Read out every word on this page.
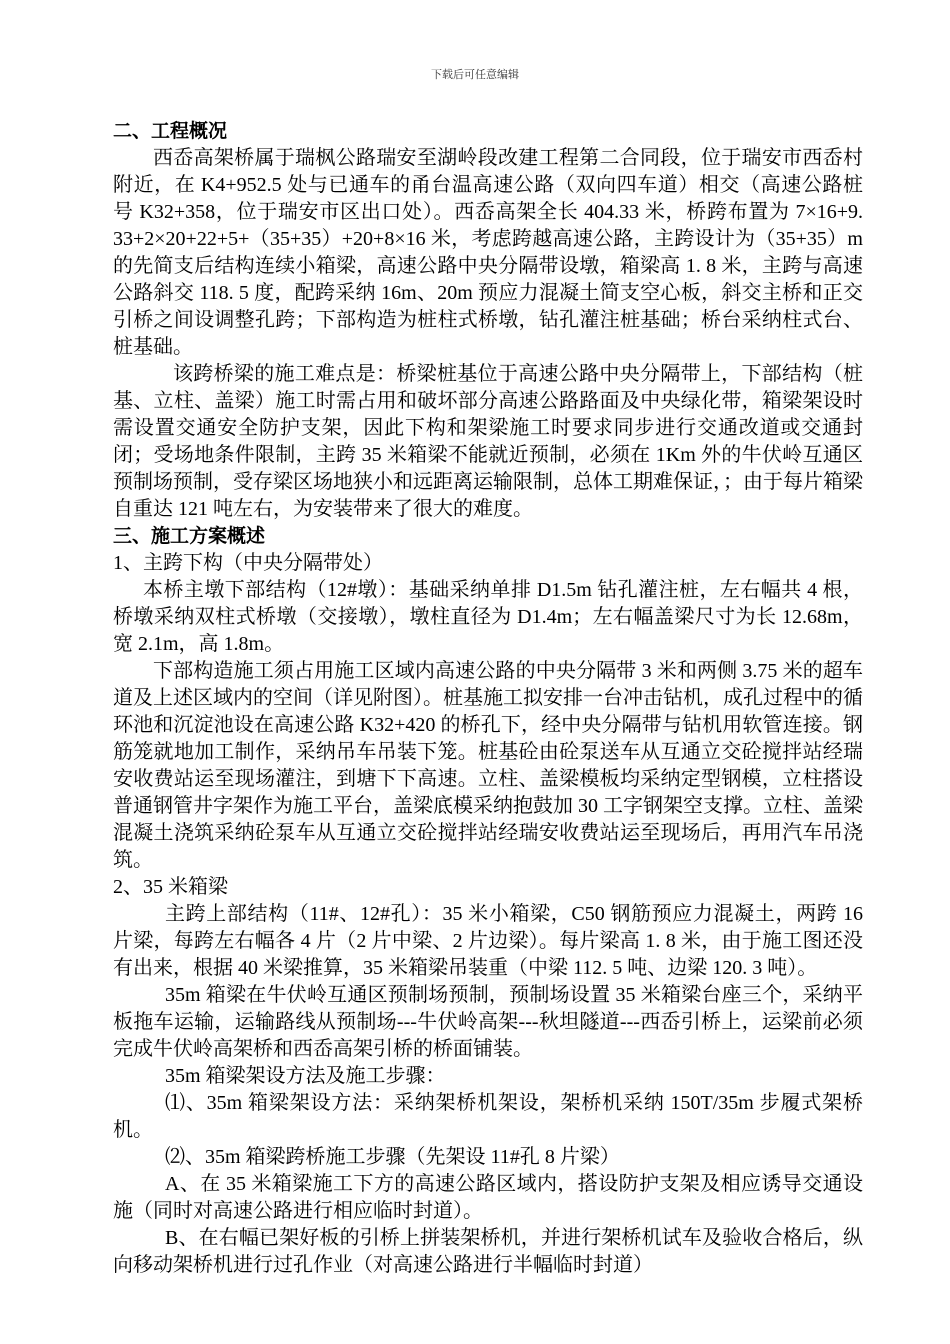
下载后可任意编辑

二、工程概况

西岙高架桥属于瑞枫公路瑞安至湖岭段改建工程第二合同段，位于瑞安市西岙村附近，在 K4+952.5 处与已通车的甬台温高速公路（双向四车道）相交（高速公路桩号 K32+358，位于瑞安市区出口处）。西岙高架全长 404.33 米，桥跨布置为 7×16+9. 33+2×20+22+5+（35+35）+20+8×16 米，考虑跨越高速公路，主跨设计为（35+35）m 的先简支后结构连续小箱梁，高速公路中央分隔带设墩，箱梁高 1. 8 米，主跨与高速公路斜交 118. 5 度，配跨采纳 16m、20m 预应力混凝土简支空心板，斜交主桥和正交引桥之间设调整孔跨；下部构造为桩柱式桥墩，钻孔灌注桩基础；桥台采纳柱式台、桩基础。

该跨桥梁的施工难点是：桥梁桩基位于高速公路中央分隔带上，下部结构（桩基、立柱、盖梁）施工时需占用和破坏部分高速公路路面及中央绿化带，箱梁架设时需设置交通安全防护支架，因此下构和架梁施工时要求同步进行交通改道或交通封闭；受场地条件限制，主跨 35 米箱梁不能就近预制，必须在 1Km 外的牛伏岭互通区预制场预制，受存梁区场地狭小和远距离运输限制，总体工期难保证，；由于每片箱梁自重达 121 吨左右，为安装带来了很大的难度。

三、施工方案概述

1、主跨下构（中央分隔带处）

本桥主墩下部结构（12#墩）：基础采纳单排 D1.5m 钻孔灌注桩，左右幅共 4 根，桥墩采纳双柱式桥墩（交接墩），墩柱直径为 D1.4m；左右幅盖梁尺寸为长 12.68m，宽 2.1m，高 1.8m。

下部构造施工须占用施工区域内高速公路的中央分隔带 3 米和两侧 3.75 米的超车道及上述区域内的空间（详见附图）。桩基施工拟安排一台冲击钻机，成孔过程中的循环池和沉淀池设在高速公路 K32+420 的桥孔下，经中央分隔带与钻机用软管连接。钢筋笼就地加工制作，采纳吊车吊装下笼。桩基砼由砼泵送车从互通立交砼搅拌站经瑞安收费站运至现场灌注，到塘下下高速。立柱、盖梁模板均采纳定型钢模，立柱搭设普通钢管井字架作为施工平台，盖梁底模采纳抱鼓加 30 工字钢架空支撑。立柱、盖梁混凝土浇筑采纳砼泵车从互通立交砼搅拌站经瑞安收费站运至现场后，再用汽车吊浇筑。

2、35 米箱梁

主跨上部结构（11#、12#孔）：35 米小箱梁，C50 钢筋预应力混凝土，两跨 16 片梁，每跨左右幅各 4 片（2 片中梁、2 片边梁）。每片梁高 1. 8 米，由于施工图还没有出来，根据 40 米梁推算，35 米箱梁吊装重（中梁 112. 5 吨、边梁 120. 3 吨）。

35m 箱梁在牛伏岭互通区预制场预制，预制场设置 35 米箱梁台座三个，采纳平板拖车运输，运输路线从预制场---牛伏岭高架---秋坦隧道---西岙引桥上，运梁前必须完成牛伏岭高架桥和西岙高架引桥的桥面铺装。

35m 箱梁架设方法及施工步骤：

⑴、35m 箱梁架设方法：采纳架桥机架设，架桥机采纳 150T/35m 步履式架桥机。

⑵、35m 箱梁跨桥施工步骤（先架设 11#孔 8 片梁）

A、在 35 米箱梁施工下方的高速公路区域内，搭设防护支架及相应诱导交通设施（同时对高速公路进行相应临时封道）。

B、在右幅已架好板的引桥上拼装架桥机，并进行架桥机试车及验收合格后，纵向移动架桥机进行过孔作业（对高速公路进行半幅临时封道）
